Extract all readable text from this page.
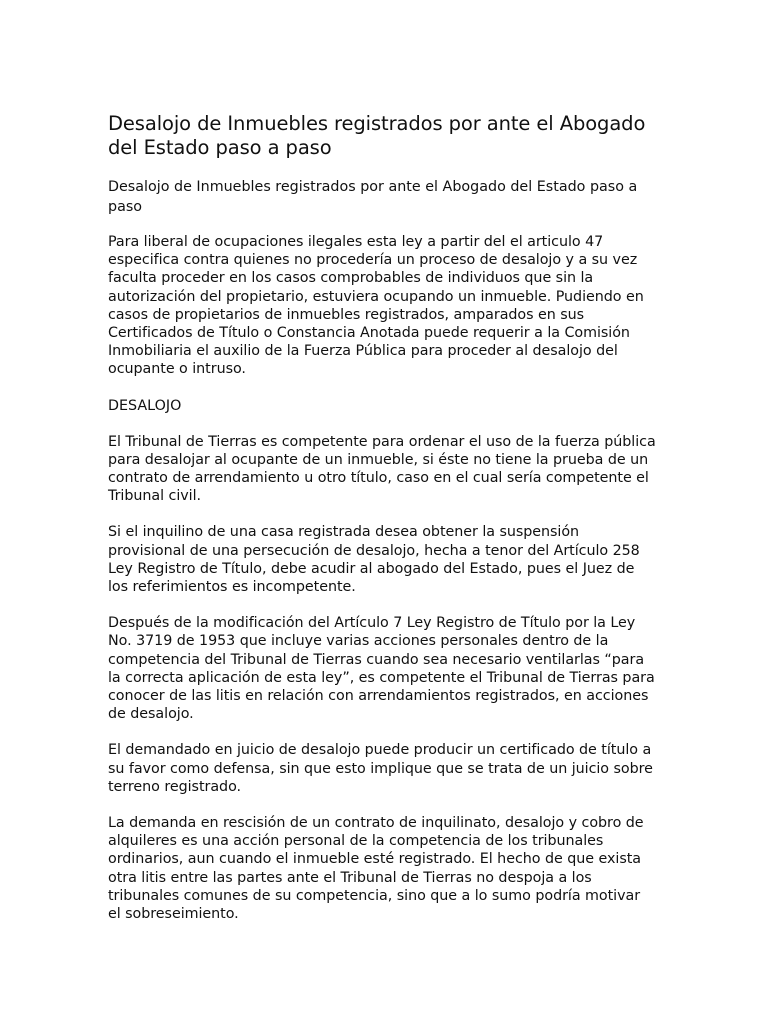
Desalojo de Inmuebles registrados por ante el Abogado del Estado paso a paso

Desalojo de Inmuebles registrados por ante el Abogado del Estado paso a paso

Para liberal de ocupaciones ilegales esta ley a partir del el articulo 47 especifica contra quienes no procedería un proceso de desalojo y a su vez faculta proceder en los casos comprobables de individuos que sin la autorización del propietario, estuviera ocupando un inmueble. Pudiendo en casos de propietarios de inmuebles registrados, amparados en sus Certificados de Título o Constancia Anotada puede requerir a la Comisión Inmobiliaria el auxilio de la Fuerza Pública para proceder al desalojo del ocupante o intruso.

DESALOJO

El Tribunal de Tierras es competente para ordenar el uso de la fuerza pública para desalojar al ocupante de un inmueble, si éste no tiene la prueba de un contrato de arrendamiento u otro título, caso en el cual sería competente el Tribunal civil.

Si el inquilino de una casa registrada desea obtener la suspensión provisional de una persecución de desalojo, hecha a tenor del Artículo 258 Ley Registro de Título, debe acudir al abogado del Estado, pues el Juez de los referimientos es incompetente.

Después de la modificación del Artículo 7 Ley Registro de Título por la Ley No. 3719 de 1953 que incluye varias acciones personales dentro de la competencia del Tribunal de Tierras cuando sea necesario ventilarlas “para la correcta aplicación de esta ley”, es competente el Tribunal de Tierras para conocer de las litis en relación con arrendamientos registrados, en acciones de desalojo.

El demandado en juicio de desalojo puede producir un certificado de título a su favor como defensa, sin que esto implique que se trata de un juicio sobre terreno registrado.

La demanda en rescisión de un contrato de inquilinato, desalojo y cobro de alquileres es una acción personal de la competencia de los tribunales ordinarios, aun cuando el inmueble esté registrado. El hecho de que exista otra litis entre las partes ante el Tribunal de Tierras no despoja a los tribunales comunes de su competencia, sino que a lo sumo podría motivar el sobreseimiento.
